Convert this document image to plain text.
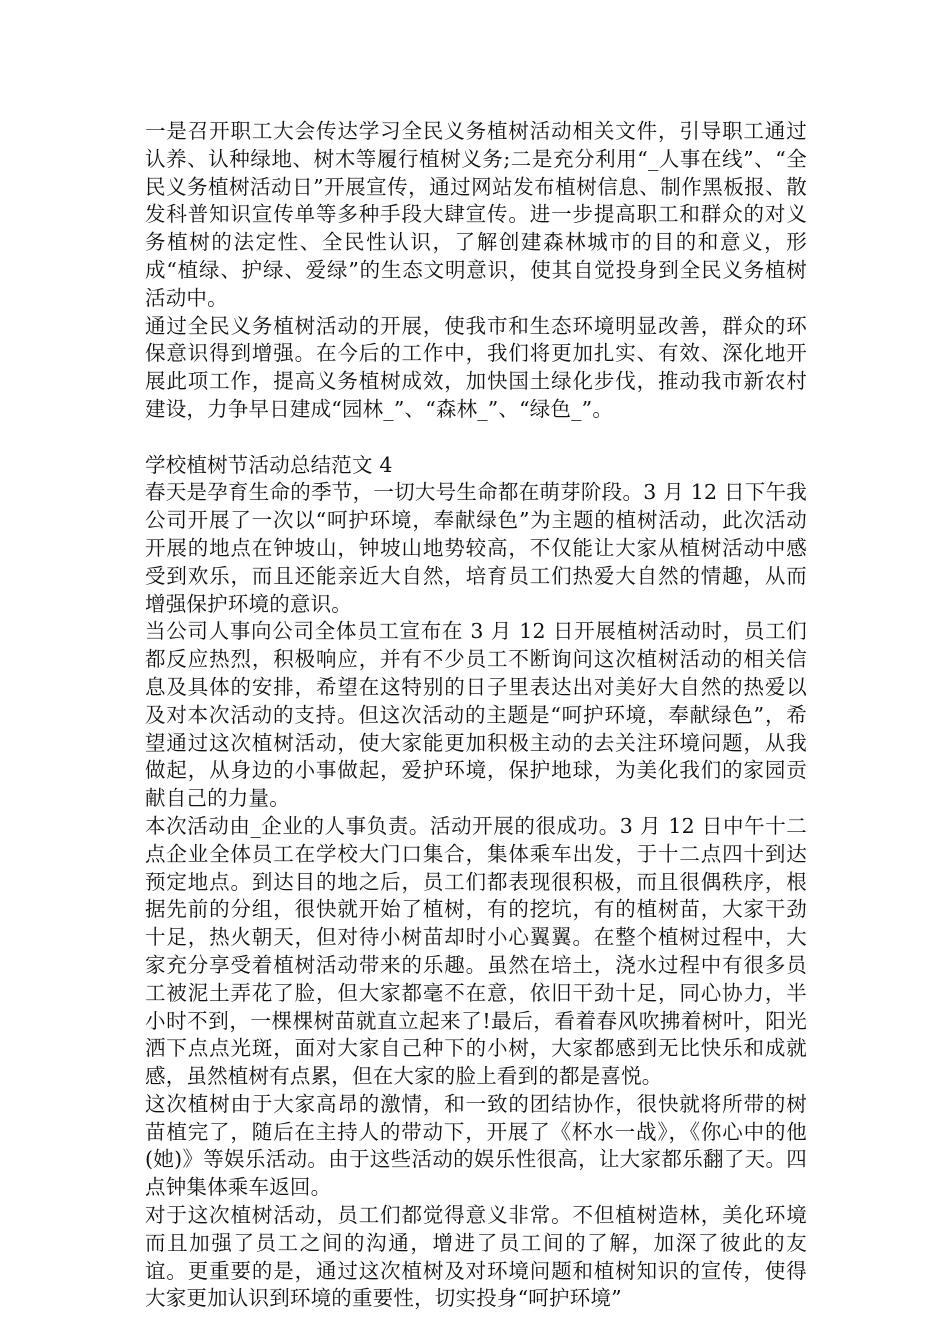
一是召开职工大会传达学习全民义务植树活动相关文件，引导职工通过认养、认种绿地、树木等履行植树义务;二是充分利用“_人事在线”、“全民义务植树活动日”开展宣传，通过网站发布植树信息、制作黑板报、散发科普知识宣传单等多种手段大肆宣传。进一步提高职工和群众的对义务植树的法定性、全民性认识，了解创建森林城市的目的和意义，形成“植绿、护绿、爱绿”的生态文明意识，使其自觉投身到全民义务植树活动中。

通过全民义务植树活动的开展，使我市和生态环境明显改善，群众的环保意识得到增强。在今后的工作中，我们将更加扎实、有效、深化地开展此项工作，提高义务植树成效，加快国土绿化步伐，推动我市新农村建设，力争早日建成“园林_”、“森林_”、“绿色_”。

学校植树节活动总结范文 4

春天是孕育生命的季节，一切大号生命都在萌芽阶段。3 月 12 日下午我公司开展了一次以“呵护环境，奉献绿色”为主题的植树活动，此次活动开展的地点在钟坡山，钟坡山地势较高，不仅能让大家从植树活动中感受到欢乐，而且还能亲近大自然，培育员工们热爱大自然的情趣，从而增强保护环境的意识。

当公司人事向公司全体员工宣布在 3 月 12 日开展植树活动时，员工们都反应热烈，积极响应，并有不少员工不断询问这次植树活动的相关信息及具体的安排，希望在这特别的日子里表达出对美好大自然的热爱以及对本次活动的支持。但这次活动的主题是“呵护环境，奉献绿色”，希望通过这次植树活动，使大家能更加积极主动的去关注环境问题，从我做起，从身边的小事做起，爱护环境，保护地球，为美化我们的家园贡献自己的力量。

本次活动由_企业的人事负责。活动开展的很成功。3 月 12 日中午十二点企业全体员工在学校大门口集合，集体乘车出发，于十二点四十到达预定地点。到达目的地之后，员工们都表现很积极，而且很偶秩序，根据先前的分组，很快就开始了植树，有的挖坑，有的植树苗，大家干劲十足，热火朝天，但对待小树苗却时小心翼翼。在整个植树过程中，大家充分享受着植树活动带来的乐趣。虽然在培土，浇水过程中有很多员工被泥土弄花了脸，但大家都毫不在意，依旧干劲十足，同心协力，半小时不到，一棵棵树苗就直立起来了!最后，看着春风吹拂着树叶，阳光洒下点点光斑，面对大家自己种下的小树，大家都感到无比快乐和成就感，虽然植树有点累，但在大家的脸上看到的都是喜悦。

这次植树由于大家高昂的激情，和一致的团结协作，很快就将所带的树苗植完了，随后在主持人的带动下，开展了《杯水一战》，《你心中的他(她)》等娱乐活动。由于这些活动的娱乐性很高，让大家都乐翻了天。四点钟集体乘车返回。

对于这次植树活动，员工们都觉得意义非常。不但植树造林，美化环境而且加强了员工之间的沟通，增进了员工间的了解，加深了彼此的友谊。更重要的是，通过这次植树及对环境问题和植树知识的宣传，使得大家更加认识到环境的重要性，切实投身“呵护环境”
